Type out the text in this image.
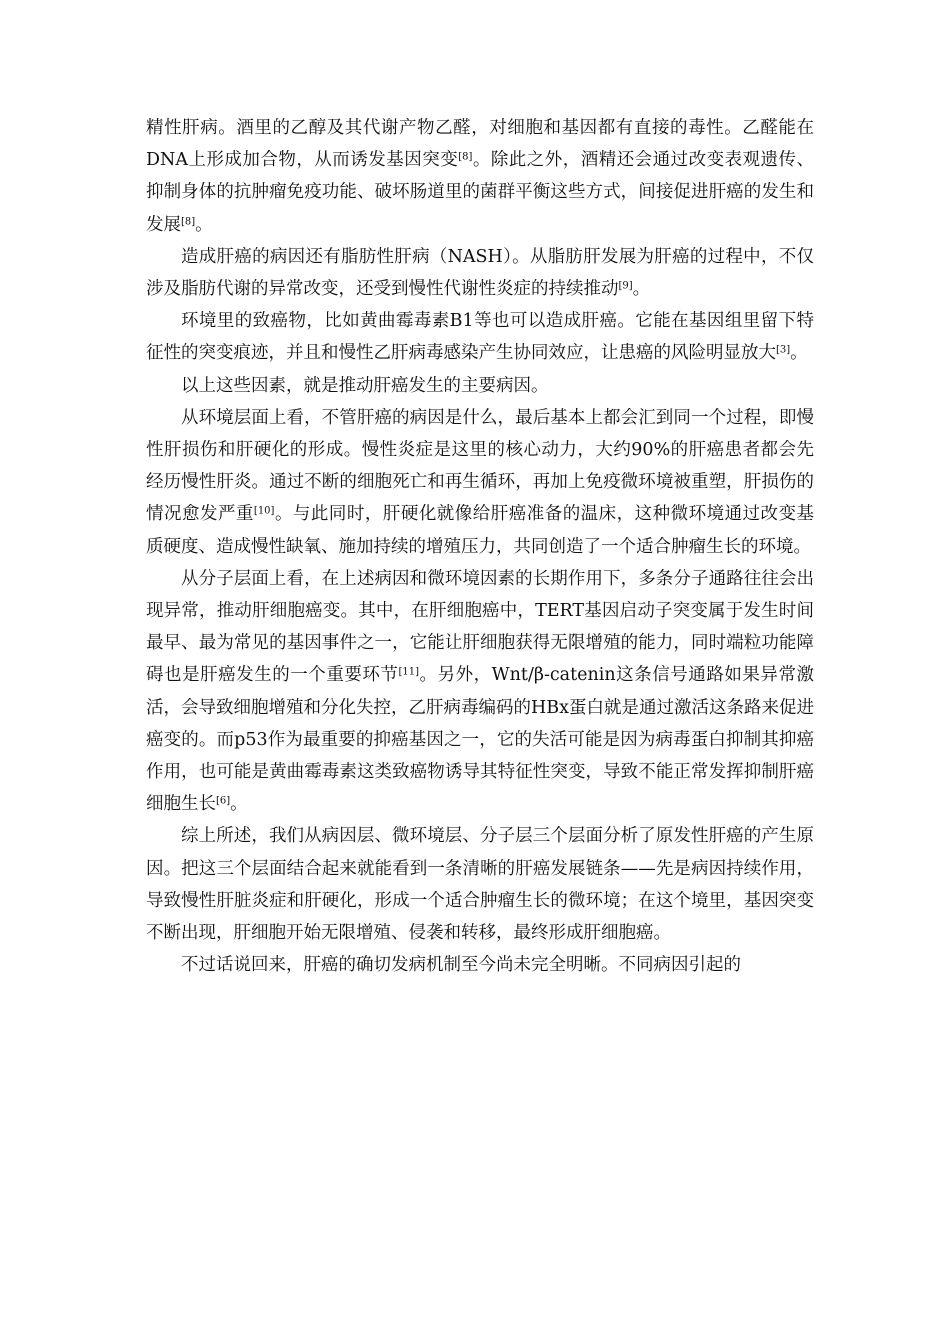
精性肝病。酒里的乙醇及其代谢产物乙醛，对细胞和基因都有直接的毒性。乙醛能在DNA上形成加合物，从而诱发基因突变[8]。除此之外，酒精还会通过改变表观遗传、抑制身体的抗肿瘤免疫功能、破坏肠道里的菌群平衡这些方式，间接促进肝癌的发生和发展[8]。

造成肝癌的病因还有脂肪性肝病（NASH）。从脂肪肝发展为肝癌的过程中，不仅涉及脂肪代谢的异常改变，还受到慢性代谢性炎症的持续推动[9]。

环境里的致癌物，比如黄曲霉毒素B1等也可以造成肝癌。它能在基因组里留下特征性的突变痕迹，并且和慢性乙肝病毒感染产生协同效应，让患癌的风险明显放大[3]。

以上这些因素，就是推动肝癌发生的主要病因。

从环境层面上看，不管肝癌的病因是什么，最后基本上都会汇到同一个过程，即慢性肝损伤和肝硬化的形成。慢性炎症是这里的核心动力，大约90%的肝癌患者都会先经历慢性肝炎。通过不断的细胞死亡和再生循环，再加上免疫微环境被重塑，肝损伤的情况愈发严重[10]。与此同时，肝硬化就像给肝癌准备的温床，这种微环境通过改变基质硬度、造成慢性缺氧、施加持续的增殖压力，共同创造了一个适合肿瘤生长的环境。

从分子层面上看，在上述病因和微环境因素的长期作用下，多条分子通路往往会出现异常，推动肝细胞癌变。其中，在肝细胞癌中，TERT基因启动子突变属于发生时间最早、最为常见的基因事件之一，它能让肝细胞获得无限增殖的能力，同时端粒功能障碍也是肝癌发生的一个重要环节[11]。另外，Wnt/β-catenin这条信号通路如果异常激活，会导致细胞增殖和分化失控，乙肝病毒编码的HBx蛋白就是通过激活这条路来促进癌变的。而p53作为最重要的抑癌基因之一，它的失活可能是因为病毒蛋白抑制其抑癌作用，也可能是黄曲霉毒素这类致癌物诱导其特征性突变，导致不能正常发挥抑制肝癌细胞生长[6]。

综上所述，我们从病因层、微环境层、分子层三个层面分析了原发性肝癌的产生原因。把这三个层面结合起来就能看到一条清晰的肝癌发展链条——先是病因持续作用，导致慢性肝脏炎症和肝硬化，形成一个适合肿瘤生长的微环境；在这个境里，基因突变不断出现，肝细胞开始无限增殖、侵袭和转移，最终形成肝细胞癌。

不过话说回来，肝癌的确切发病机制至今尚未完全明晰。不同病因引起的
